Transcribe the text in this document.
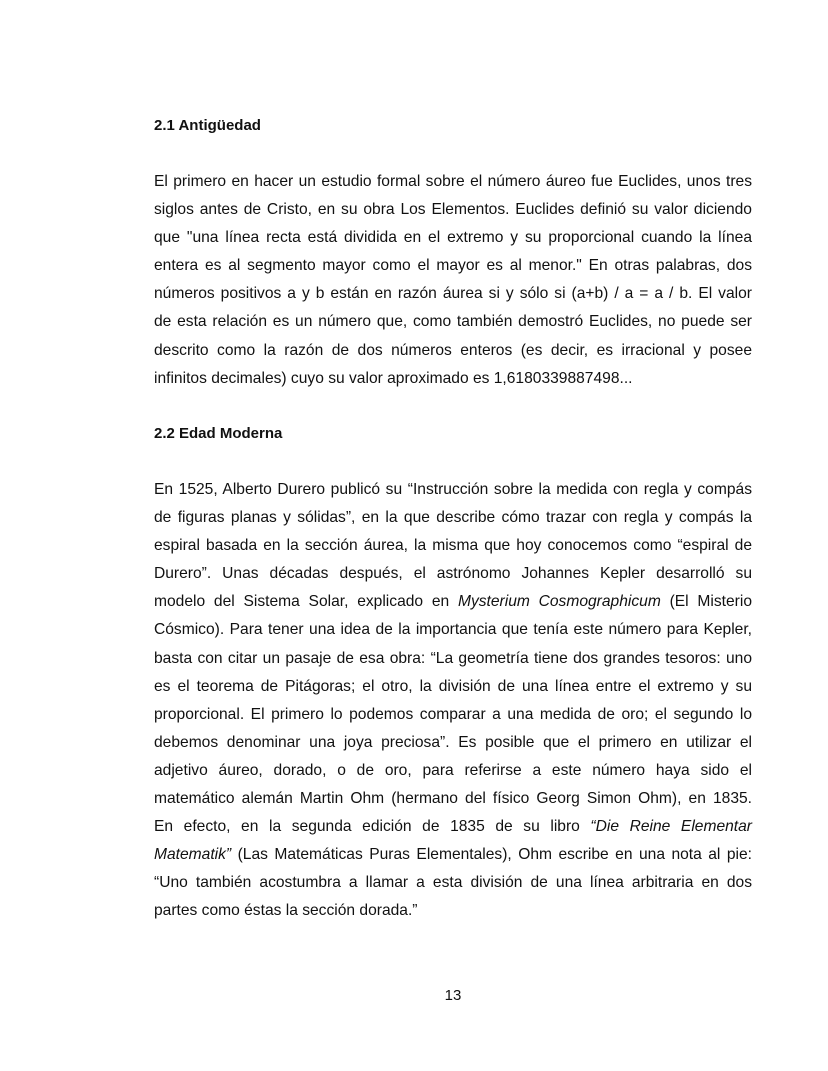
2.1 Antigüedad
El primero en hacer un estudio formal sobre el número áureo fue Euclides, unos tres
siglos antes de Cristo, en su obra Los Elementos. Euclides definió su valor diciendo
que "una línea recta está dividida en el extremo y su proporcional cuando la línea
entera es al segmento mayor como el mayor es al menor." En otras palabras, dos
números positivos a y b están en razón áurea si y sólo si (a+b) / a = a / b. El valor
de esta relación es un número que, como también demostró Euclides, no puede ser
descrito como la razón de dos números enteros (es decir, es irracional y posee
infinitos decimales) cuyo su valor aproximado es 1,6180339887498...
2.2 Edad Moderna
En 1525, Alberto Durero publicó su “Instrucción sobre la medida con regla y compás
de figuras planas y sólidas”, en la que describe cómo trazar con regla y compás la
espiral basada en la sección áurea, la misma que hoy conocemos como “espiral de
Durero”. Unas décadas después, el astrónomo Johannes Kepler desarrolló su
modelo del Sistema Solar, explicado en Mysterium Cosmographicum (El Misterio
Cósmico). Para tener una idea de la importancia que tenía este número para Kepler,
basta con citar un pasaje de esa obra: “La geometría tiene dos grandes tesoros: uno
es el teorema de Pitágoras; el otro, la división de una línea entre el extremo y su
proporcional. El primero lo podemos comparar a una medida de oro; el segundo lo
debemos denominar una joya preciosa”. Es posible que el primero en utilizar el
adjetivo áureo, dorado, o de oro, para referirse a este número haya sido el
matemático alemán Martin Ohm (hermano del físico Georg Simon Ohm), en 1835.
En efecto, en la segunda edición de 1835 de su libro “Die Reine Elementar
Matematik” (Las Matemáticas Puras Elementales), Ohm escribe en una nota al pie:
“Uno también acostumbra a llamar a esta división de una línea arbitraria en dos
partes como éstas la sección dorada.”
13
